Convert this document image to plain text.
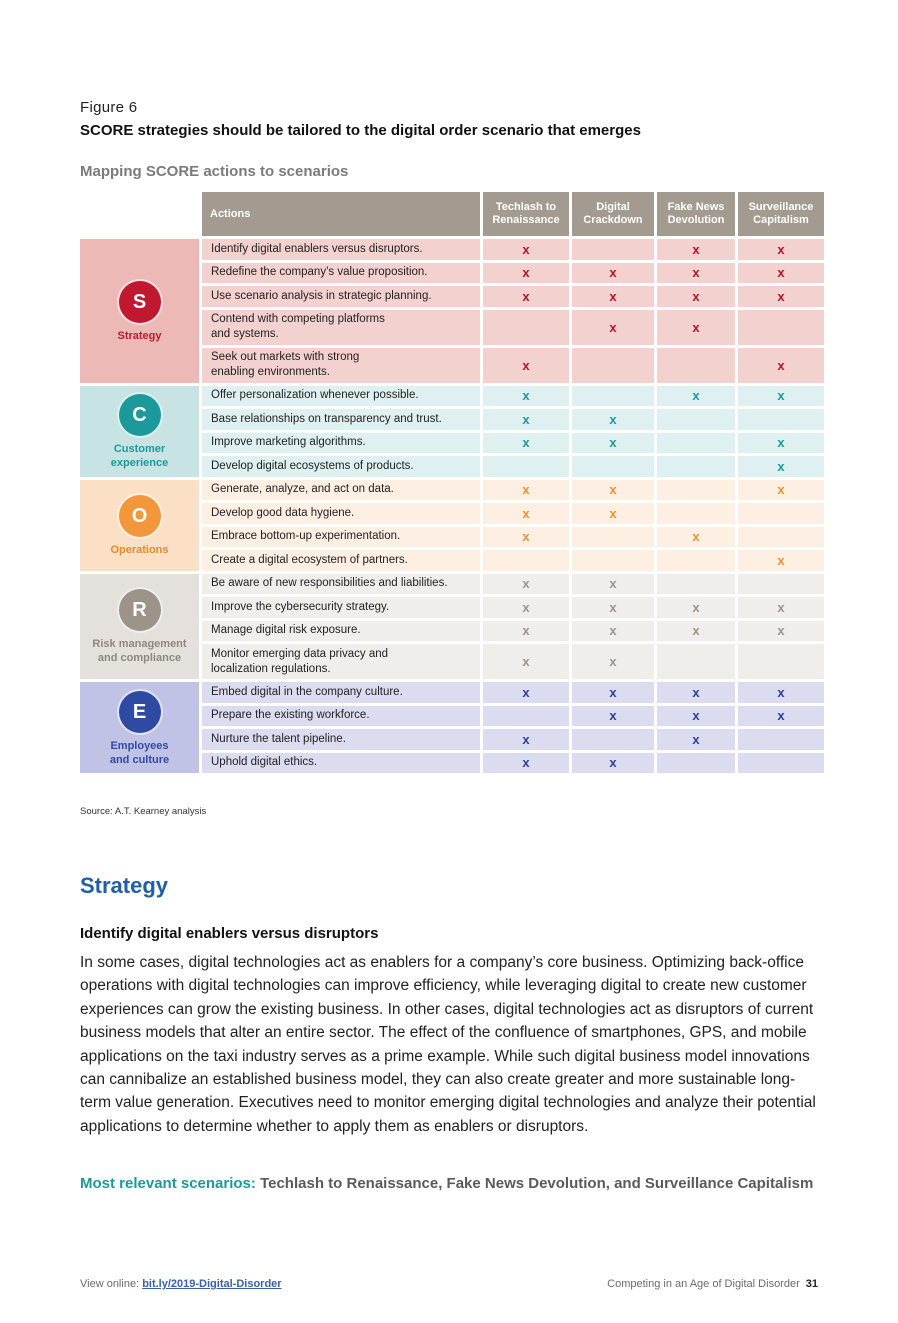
Figure 6
SCORE strategies should be tailored to the digital order scenario that emerges
Mapping SCORE actions to scenarios
	Actions	Techlash to
Renaissance	Digital
Crackdown	Fake News
Devolution	Surveillance
Capitalism

S
Strategy	Identify digital enablers versus disruptors.	x		x	x
	Redefine the company’s value proposition.	x	x	x	x
	Use scenario analysis in strategic planning.	x	x	x	x
	Contend with competing platforms
and systems.		x	x	
	Seek out markets with strong
enabling environments.	x			x

C
Customer
experience	Offer personalization whenever possible.	x		x	x
	Base relationships on transparency and trust.	x	x		
	Improve marketing algorithms.	x	x		x
	Develop digital ecosystems of products.				x

O
Operations	Generate, analyze, and act on data.	x	x		x
	Develop good data hygiene.	x	x		
	Embrace bottom-up experimentation.	x		x	
	Create a digital ecosystem of partners.				x

R
Risk management
and compliance	Be aware of new responsibilities and liabilities.	x	x		
	Improve the cybersecurity strategy.	x	x	x	x
	Manage digital risk exposure.	x	x	x	x
	Monitor emerging data privacy and
localization regulations.	x	x		

E
Employees
and culture	Embed digital in the company culture.	x	x	x	x
	Prepare the existing workforce.		x	x	x
	Nurture the talent pipeline.	x		x	
	Uphold digital ethics.	x	x		
Source: A.T. Kearney analysis
Strategy
Identify digital enablers versus disruptors
In some cases, digital technologies act as enablers for a company’s core business. Optimizing back-office operations with digital technologies can improve efficiency, while leveraging digital to create new customer experiences can grow the existing business. In other cases, digital technologies act as disruptors of current business models that alter an entire sector. The effect of the confluence of smartphones, GPS, and mobile applications on the taxi industry serves as a prime example. While such digital business model innovations can cannibalize an established business model, they can also create greater and more sustainable long-term value generation. Executives need to monitor emerging digital technologies and analyze their potential applications to determine whether to apply them as enablers or disruptors.
Most relevant scenarios: Techlash to Renaissance, Fake News Devolution, and Surveillance Capitalism
View online: bit.ly/2019-Digital-Disorder	Competing in an Age of Digital Disorder 31
